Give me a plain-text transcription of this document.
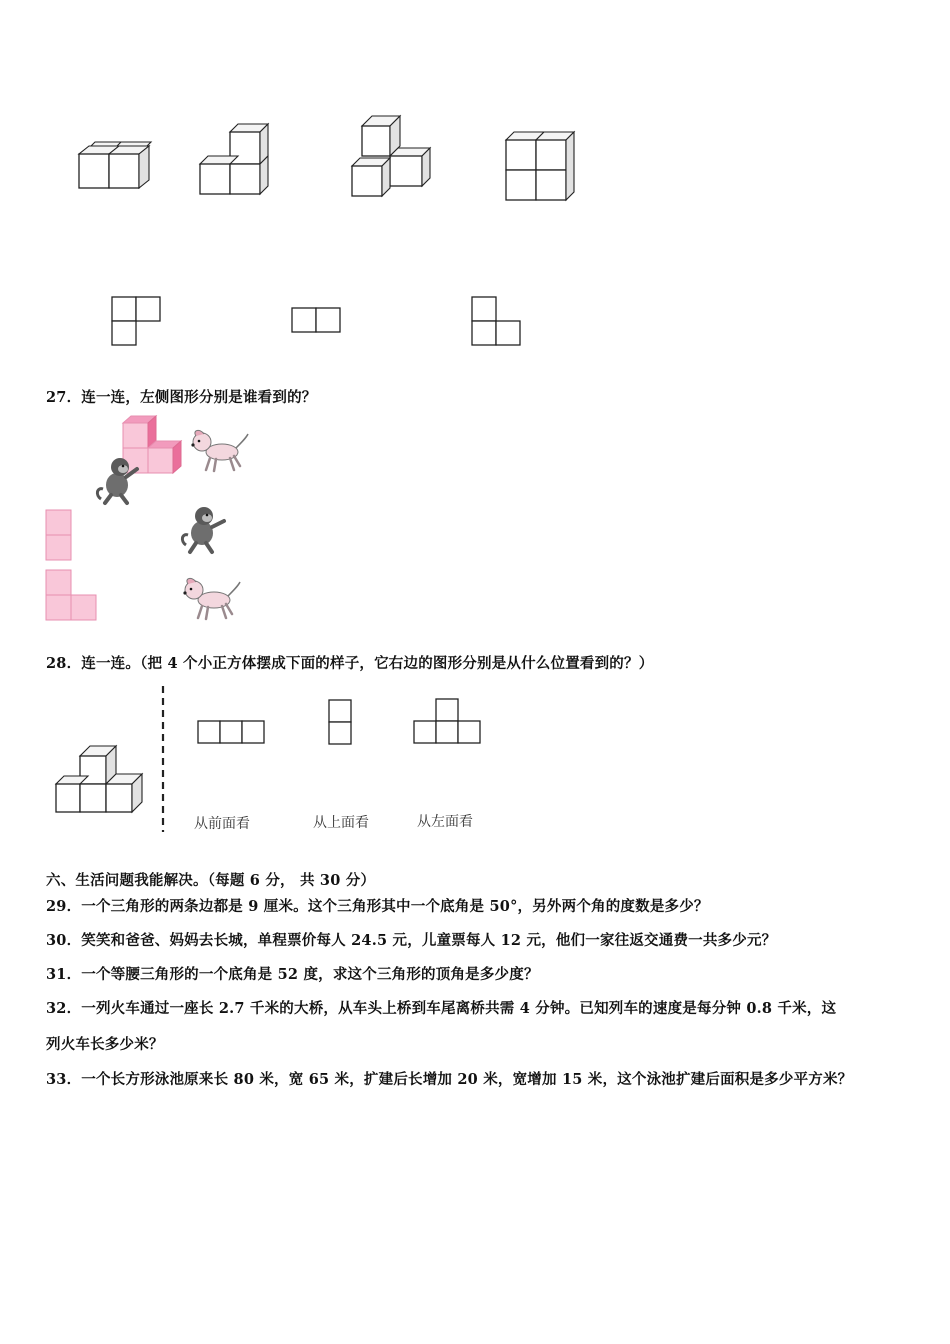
27．连一连，左侧图形分别是谁看到的？
28．连一连。（把 4 个小正方体摆成下面的样子，它右边的图形分别是从什么位置看到的？）
从前面看	从上面看	从左面看
六、生活问题我能解决。（每题 6 分， 共 30 分）
29．一个三角形的两条边都是 9 厘米。这个三角形其中一个底角是 50°，另外两个角的度数是多少？
30．笑笑和爸爸、妈妈去长城，单程票价每人 24.5 元，儿童票每人 12 元，他们一家往返交通费一共多少元？
31．一个等腰三角形的一个底角是 52 度，求这个三角形的顶角是多少度？
32．一列火车通过一座长 2.7 千米的大桥，从车头上桥到车尾离桥共需 4 分钟。已知列车的速度是每分钟 0.8 千米，这
列火车长多少米？
33．一个长方形泳池原来长 80 米，宽 65 米，扩建后长增加 20 米，宽增加 15 米，这个泳池扩建后面积是多少平方米？
